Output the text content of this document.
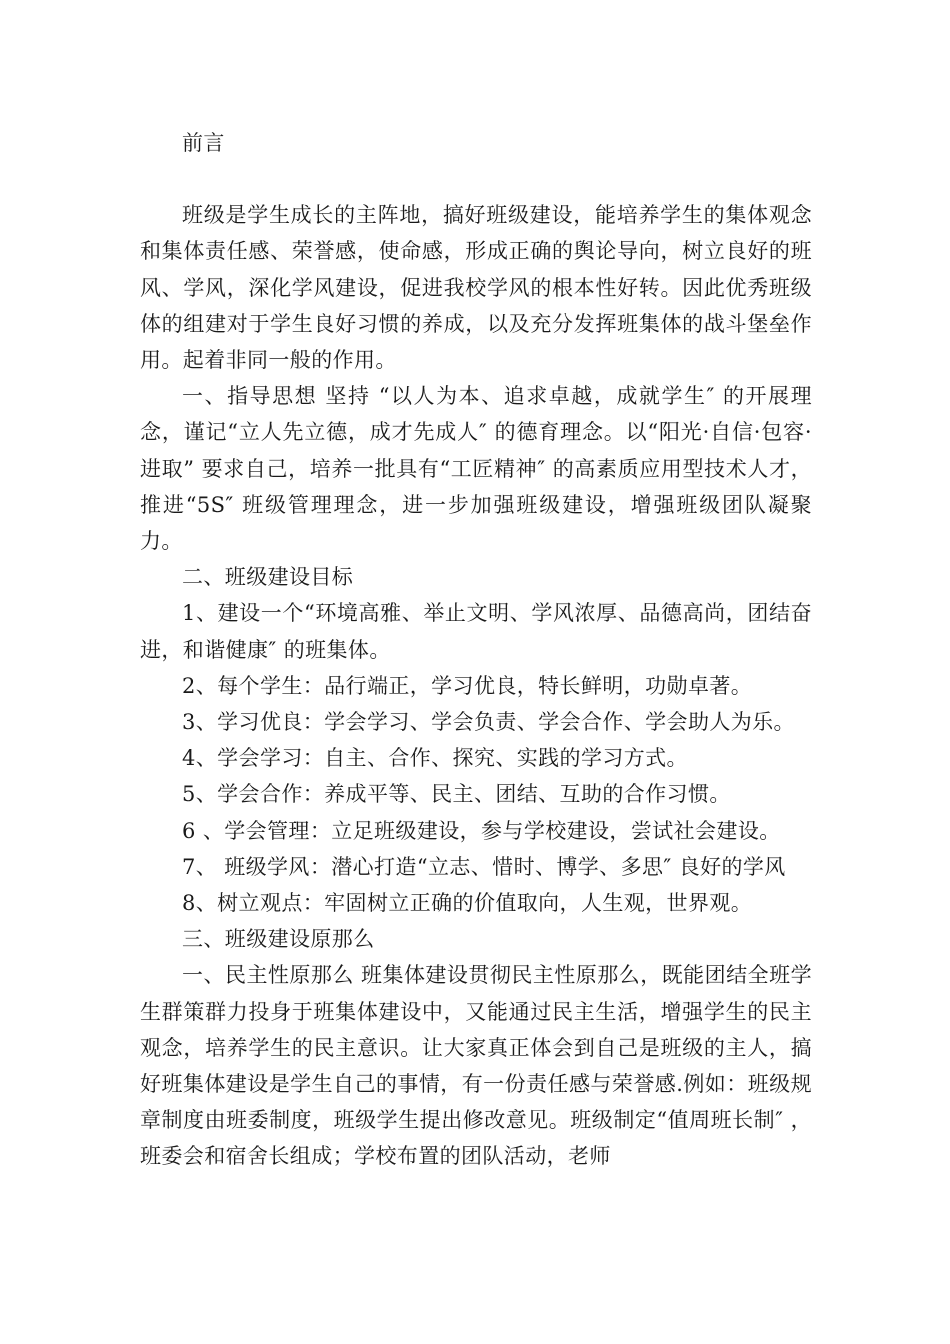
前言

班级是学生成长的主阵地，搞好班级建设，能培养学生的集体观念和集体责任感、荣誉感，使命感，形成正确的舆论导向，树立良好的班风、学风，深化学风建设，促进我校学风的根本性好转。因此优秀班级体的组建对于学生良好习惯的养成，以及充分发挥班集体的战斗堡垒作用。起着非同一般的作用。

一、指导思想 坚持 “以人为本、追求卓越，成就学生″ 的开展理念，谨记“立人先立德，成才先成人″ 的德育理念。以“阳光·自信·包容·进取” 要求自己，培养一批具有“工匠精神″ 的高素质应用型技术人才，推进“5S″ 班级管理理念，进一步加强班级建设，增强班级团队凝聚力。

二、班级建设目标

1、建设一个“环境高雅、举止文明、学风浓厚、品德高尚，团结奋进，和谐健康″ 的班集体。

2、每个学生：品行端正，学习优良，特长鲜明，功勋卓著。

3、学习优良：学会学习、学会负责、学会合作、学会助人为乐。

4、学会学习：自主、合作、探究、实践的学习方式。

5、学会合作：养成平等、民主、团结、互助的合作习惯。

6 、学会管理：立足班级建设，参与学校建设，尝试社会建设。

7、 班级学风：潜心打造“立志、惜时、博学、多思″ 良好的学风

8、树立观点：牢固树立正确的价值取向，人生观，世界观。

三、班级建设原那么

一、民主性原那么 班集体建设贯彻民主性原那么，既能团结全班学生群策群力投身于班集体建设中，又能通过民主生活，增强学生的民主观念，培养学生的民主意识。让大家真正体会到自己是班级的主人，搞好班集体建设是学生自己的事情，有一份责任感与荣誉感.例如：班级规章制度由班委制度，班级学生提出修改意见。班级制定“值周班长制″ ，班委会和宿舍长组成；学校布置的团队活动，老师
